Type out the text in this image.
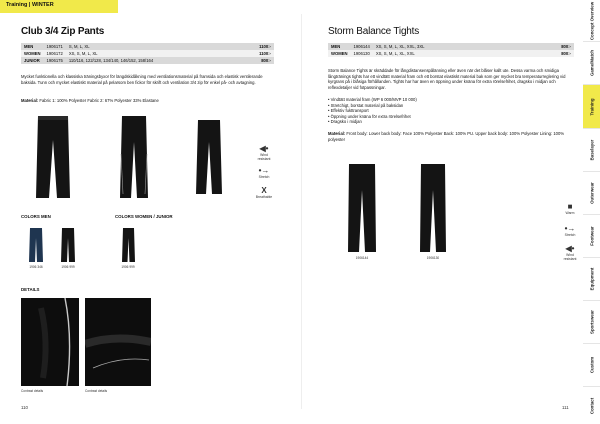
Training | WINTER
Club 3/4 Zip Pants
MEN	1906171	S, M, L, XL	1100:-
WOMEN	1906172	XS, S, M, L, XL	1100:-
JUNIOR	1906175	110/116, 122/128, 134/140, 146/152, 158/164	800:-
Mycket funktionella och klassiska träningsbyxor för längdskidåkning med ventilationsmaterial på framsida och elastisk ventilerande baksida. Tunn och mycket elastiskt material på pelarsom ben fickor för skrift och ventilation 3/4 zip för enkel på- och avtagning.
Material: Fabric 1: 100% Polyester Fabric 2: 67% Polyester 33% Elastane
◀•
Wind resistant
•→
Stretch
X
Breathable
COLORS MEN	COLORS WOMEN / JUNIOR
1906 346	1906 999	1906 999
DETAILS
Contrast details	Contrast details
110
Storm Balance Tights
MEN	1906144	XS, S, M, L, XL, XXL, 3XL	800:-
WOMEN	1906130	XS, S, M, L, XL, XXL	800:-
Storm Balance Tights är skräddade för långdistansenspålänning eller även när det blåser kallt ute. Dessa varma och smidiga långtränings tights har ett vindtätt material fram och ett borstat elastiskt material bak som ger mycket bra temperaturreglering vid kyrgrans på i blåsiga förhållanden. Tights har har även en öppning under knäna för extra rörelsefrihet, dragsko i midjan och reflexdetaljer vid fotpassningar.
• Vindtätt material fram (WP 6 000/MVP 10 000)
• Stretchigt, borstat material på baksidan
• Effektiv fukttransport
• Öppning under knäna för extra rörelsefrihet
• Dragsko i midjan
Material: Front body: Lower back body: Face 100% Polyester Back: 100% PU. Upper back body: 100% Polyester Lining: 100% polyester
1906144	1906130
■
Warm
•→
Stretch
◀•
Wind resistant
111
Concept Overview
Game/Match
Training
Baselayer
Outerwear
Footwear
Equipment
Sportswear
Custom
Contact
